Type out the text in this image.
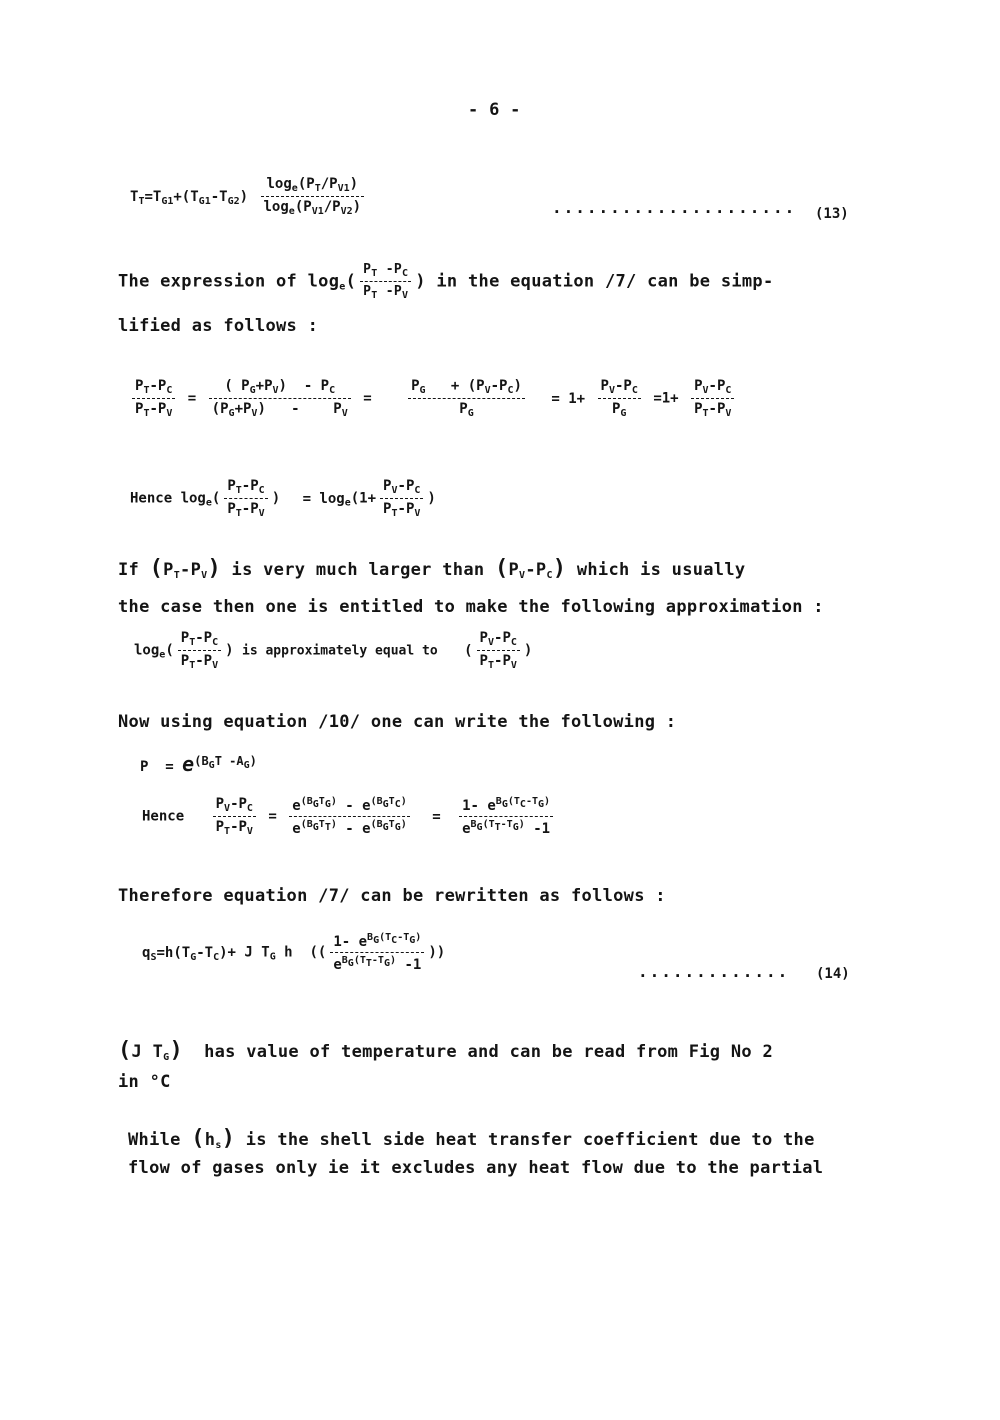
- 6 -
$T_T=T_{G1}+(T_{G1}-T_{G2}) \frac{\log_e(P_T/P_{V1})}{\log_e(P_{V1}/P_{V2})}$	..................... (13)
The expression of $\log_e( \frac{P_T -P_C}{P_T -P_V}$ ) in the equation /7/ can be simp-
lified as follows :
$\frac{P_T-P_C}{P_T-P_V} = \frac{( P_G+P_V) - P_C}{(P_G+P_V) - P_V}$ =	$\frac{P_G + (P_V-P_C)}{P_G} = 1+ \frac{P_V-P_C}{P_G} =1+ \frac{P_V-P_C}{P_T-P_V}$
Hence $\log_e( \frac{P_T-P_C}{P_T-P_V}$ ) = $\log_e(1+ \frac{P_V-P_C}{P_T-P_V}$ )
If $(P_T-P_V)$ is very much larger than $(P_V-P_C)$ which is usually
the case then one is entitled to make the following approximation :
$\log_e( \frac{P_T-P_C}{P_T-P_V}$ ) is approximately equal to ( $\frac{P_V-P_C}{P_T-P_V}$ )
Now using equation /10/ one can write the following :
$P = e^{(B_GT -A_G)}$
Hence $\frac{P_V-P_C}{P_T-P_V} = \frac{e^{(B_GT_G)} - e^{(B_GT_C)}}{e^{(B_GT_T)} - e^{(B_GT_G)}} = \frac{1- e^{B_G(T_C-T_G)}}{e^{B_G(T_T-T_G)} -1}$
Therefore equation /7/ can be rewritten as follows :
$q_S=h(T_G-T_C)+ J$ $T_G$ h (( $\frac{1- e^{B_G(T_C-T_G)}}{e^{B_G(T_T-T_G)} -1}$ ))
............. (14)
(J $T_G$) has value of temperature and can be read from Fig No 2
in °C
While $(h_s)$ is the shell side heat transfer coefficient due to the
flow of gases only ie it excludes any heat flow due to the partial
